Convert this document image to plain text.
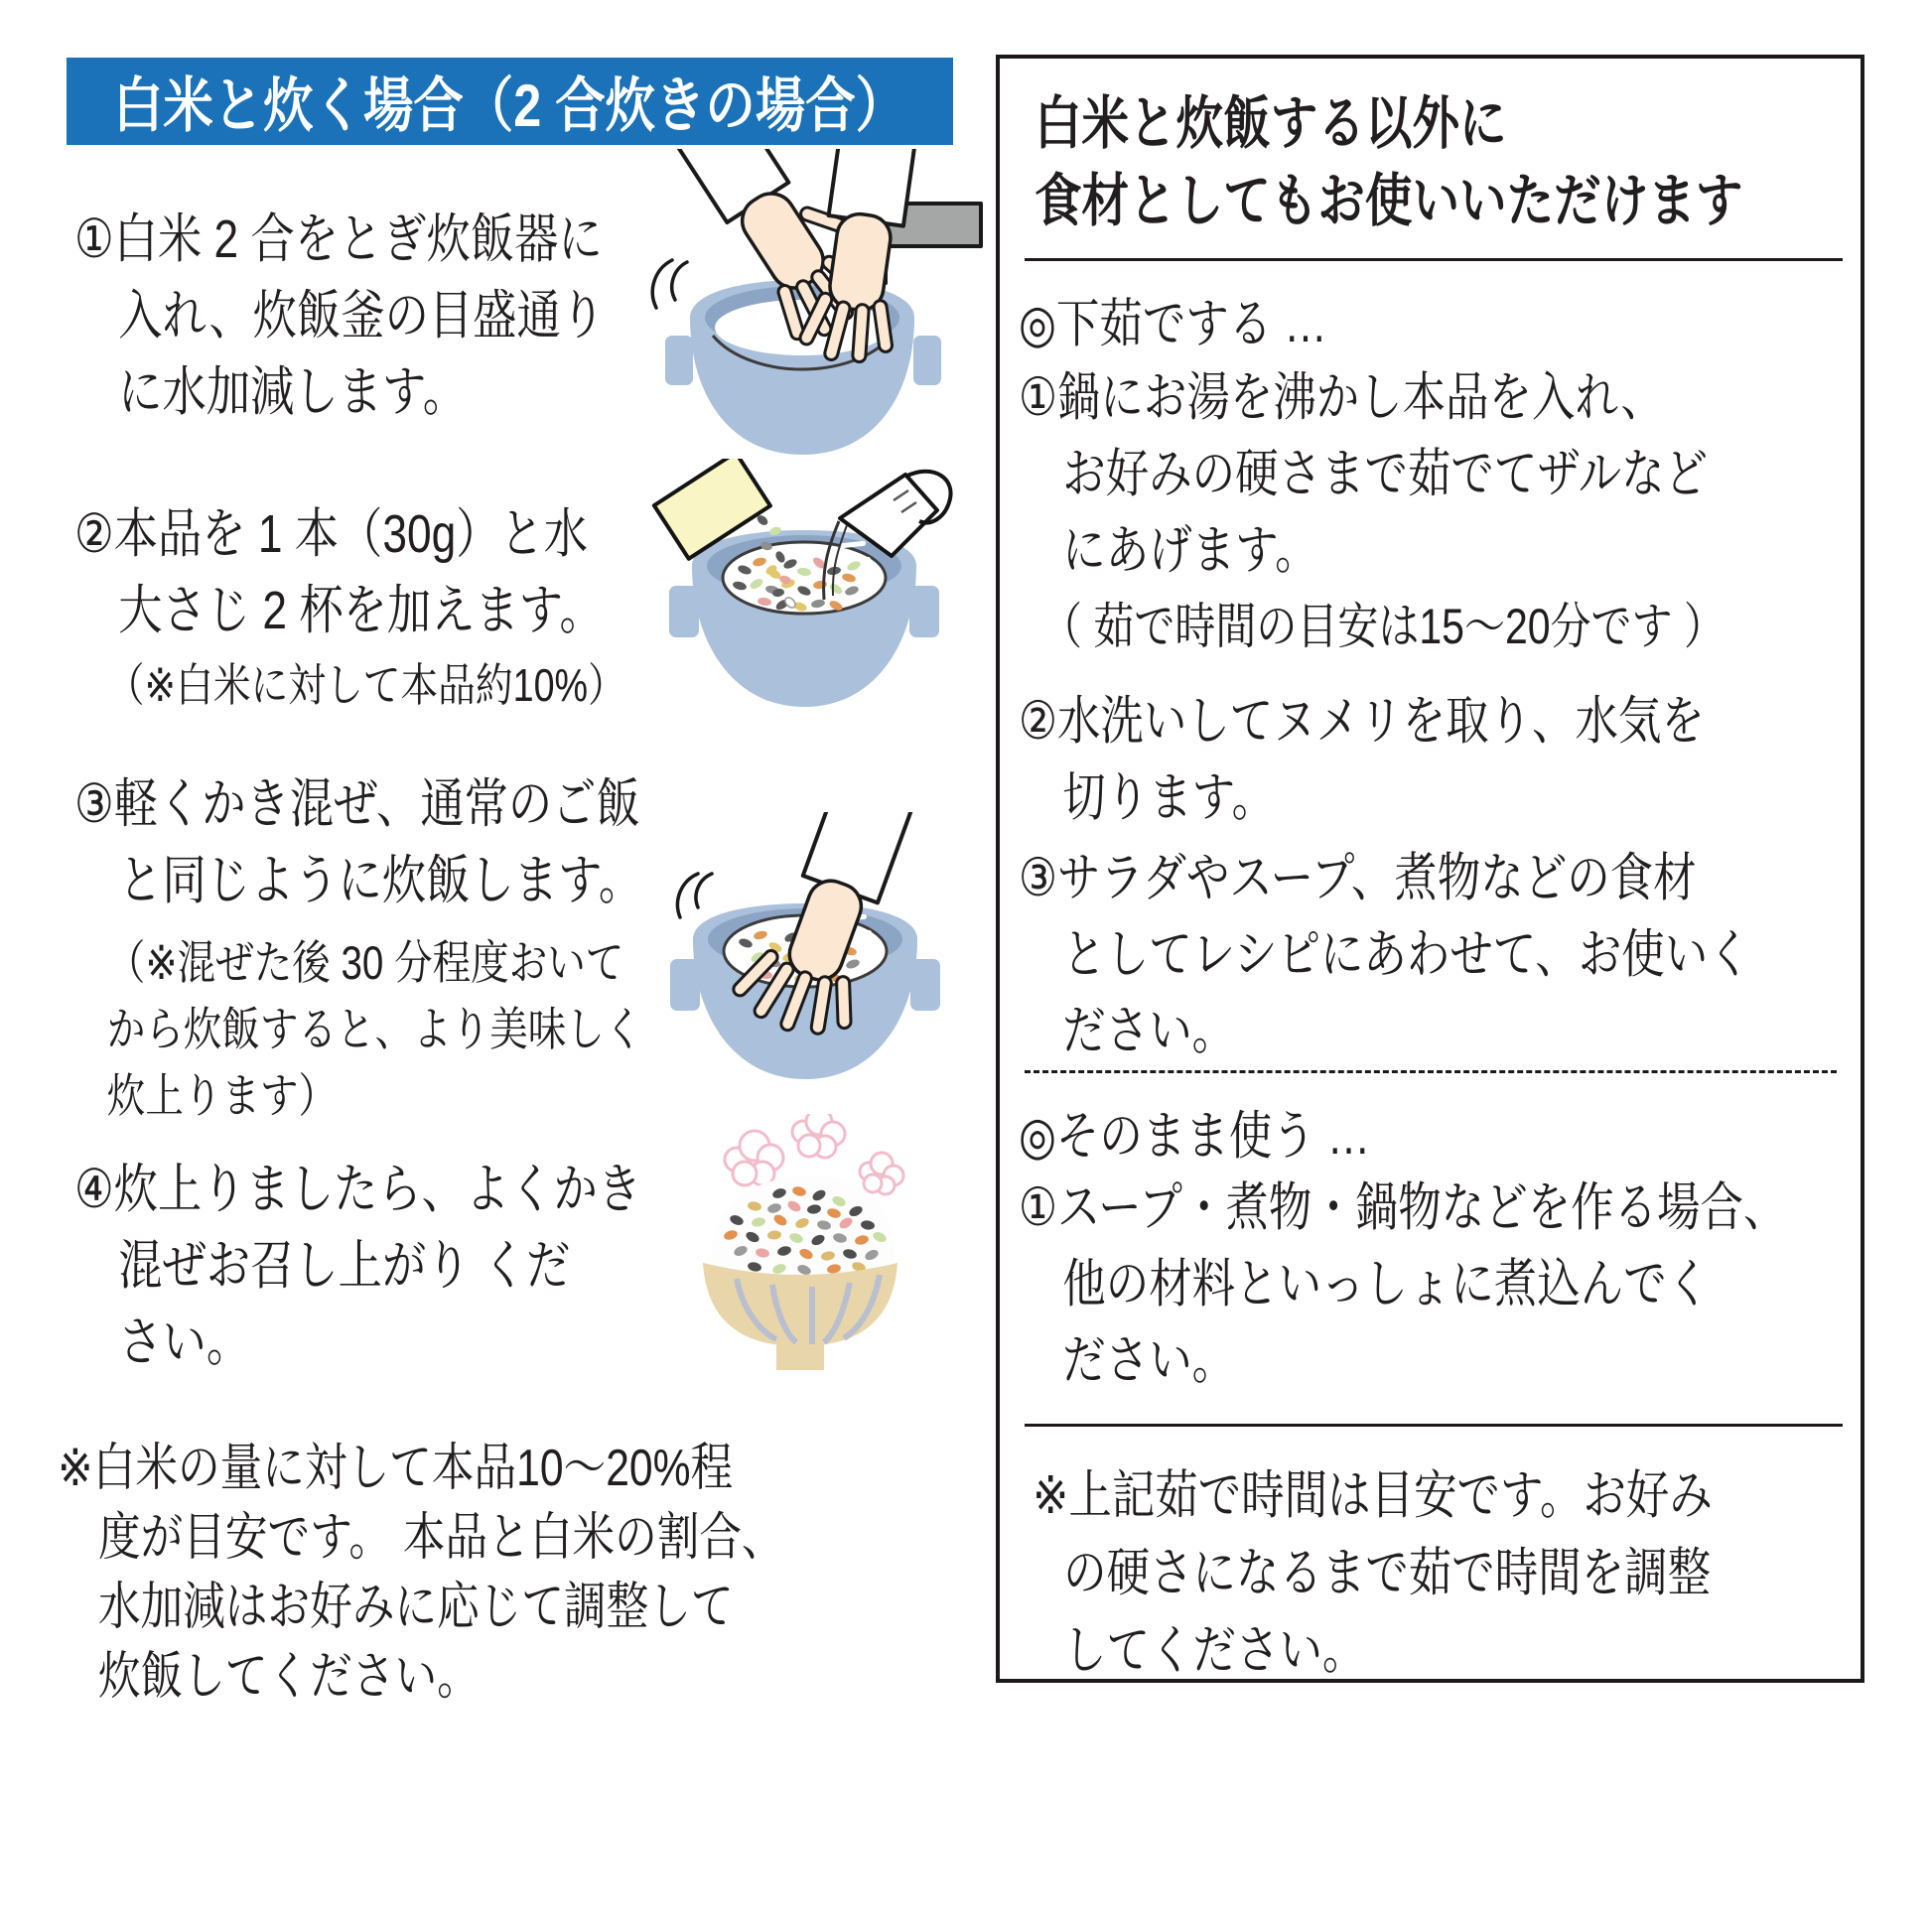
白米と炊く場合（2 合炊きの場合）
①白米 2 合をとぎ炊飯器に
入れ、炊飯釜の目盛通り
に水加減します。
②本品を 1 本（30g）と水
大さじ 2 杯を加えます。
（※白米に対して本品約10%）
③軽くかき混ぜ、通常のご飯
と同じように炊飯します。
（※混ぜた後 30 分程度おいて
から炊飯すると、より美味しく
炊上ります）
④炊上りましたら、よくかき
混ぜお召し上がり くだ
さい。
※白米の量に対して本品10〜20%程
度が目安です。 本品と白米の割合、
水加減はお好みに応じて調整して
炊飯してください。
白米と炊飯する以外に
食材としてもお使いいただけます
◎下茹でする …
①鍋にお湯を沸かし本品を入れ、
お好みの硬さまで茹でてザルなど
にあげます。
（ 茹で時間の目安は15〜20分です ）
②水洗いしてヌメリを取り、水気を
切ります。
③サラダやスープ、煮物などの食材
としてレシピにあわせて、お使いく
ださい。
◎そのまま使う …
①スープ・煮物・鍋物などを作る場合、
他の材料といっしょに煮込んでく
ださい。
※上記茹で時間は目安です。お好み
の硬さになるまで茹で時間を調整
してください。
